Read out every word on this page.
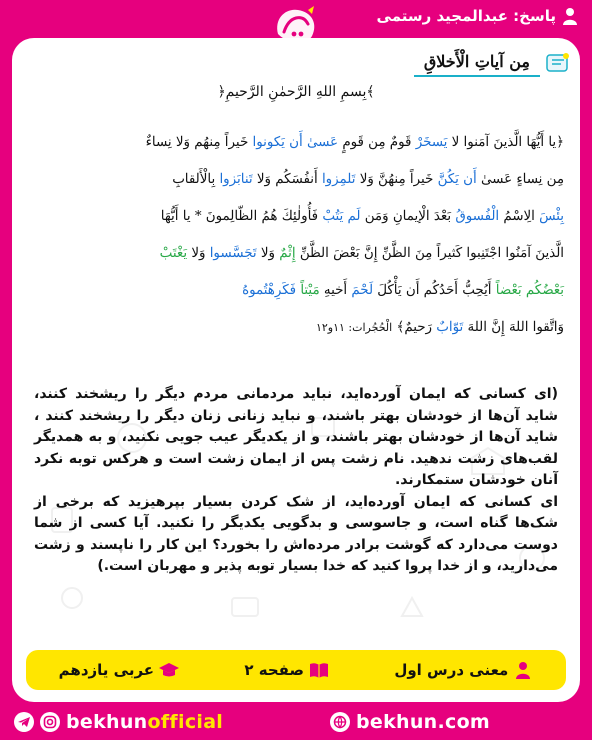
پاسخ: عبدالمجید رستمی
مِن آیاتِ الْأَخلاقِ
﴿بِسمِ اللهِ الرَّحمٰنِ الرَّحیمِ﴾
﴿یا أَیُّهَا الَّذینَ آمَنوا لا یَسخَرْ قَومٌ مِن قَومٍ عَسیٰ أَن یَکونوا خَیراً مِنهُم وَلا نِساءٌ
مِن نِساءٍ عَسیٰ أَن یَکُنَّ خَیراً مِنهُنَّ وَلا تَلمِزوا أَنفُسَکُم وَلا تَنابَزوا بِالْأَلقابِ
بِئْسَ الِاسْمُ الْفُسوقُ بَعْدَ الْإیمانِ وَمَن لَم یَتُبْ فَأُولٰئِكَ هُمُ الظّالِمونَ * یا أَیُّهَا
الَّذینَ آمَنُوا اجْتَنِبوا کَثیراً مِنَ الظَّنِّ إِنَّ بَعْضَ الظَّنِّ إِثْمٌ وَلا تَجَسَّسوا وَلا یَغْتَبْ
بَعْضُکُم بَعْضاً أَیُحِبُّ أَحَدُکُم أَن یَأْکُلَ لَحْمَ أَخیهِ مَیْتاً فَکَرِهْتُموهُ
وَاتَّقوا اللهَ إِنَّ اللهَ تَوّابٌ رَحیمٌ﴾ الْحُجُرات: ۱۱و۱۲
(ای کسانی که ایمان آورده‌اید، نباید مردمانی مردم دیگر را ریشخند کنند، شاید آن‌ها از خودشان بهتر باشند، و نباید زنانی زنان دیگر را ریشخند کنند ، شاید آن‌ها از خودشان بهتر باشند، و از یکدیگر عیب جویی نکنید، و به همدیگر لقب‌های زشت ندهید. نام زشت پس از ایمان زشت است و هرکس توبه نکرد آنان خودشان ستمکارند.
ای کسانی که ایمان آورده‌اید، از شک کردن بسیار بپرهیزید که برخی از شک‌ها گناه است، و جاسوسی و بدگویی یکدیگر را نکنید. آیا کسی از شما دوست می‌دارد که گوشت برادر مرده‌اش را بخورد؟ این کار را ناپسند و زشت می‌دارید، و از خدا پروا کنید که خدا بسیار توبه پذیر و مهربان است.)
معنی درس اول
صفحه ۲
عربی یازدهم
bekhunofficial	bekhun.com
